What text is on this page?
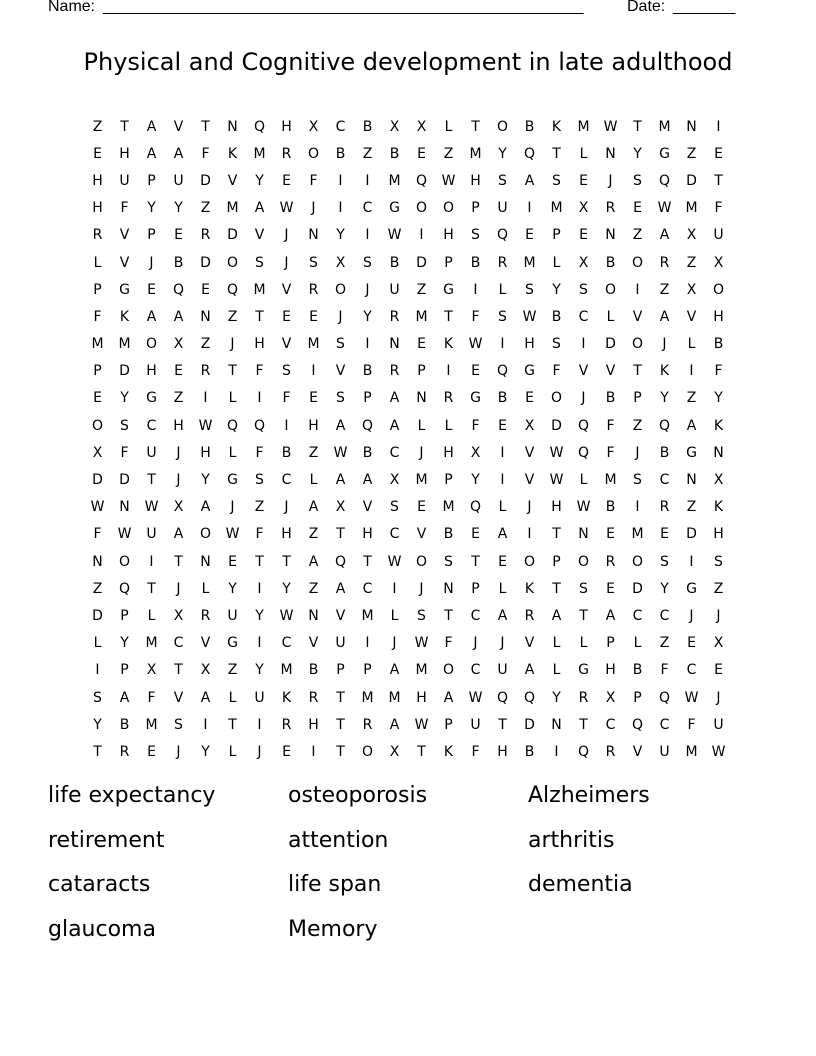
Name: ______________________________________________________	Date: _______
Physical and Cognitive development in late adulthood
Z	T	A	V	T	N	Q	H	X	C	B	X	X	L	T	O	B	K	M	W	T	M	N	I
E	H	A	A	F	K	M	R	O	B	Z	B	E	Z	M	Y	Q	T	L	N	Y	G	Z	E
H	U	P	U	D	V	Y	E	F	I	I	M	Q	W	H	S	A	S	E	J	S	Q	D	T
H	F	Y	Y	Z	M	A	W	J	I	C	G	O	O	P	U	I	M	X	R	E	W	M	F
R	V	P	E	R	D	V	J	N	Y	I	W	I	H	S	Q	E	P	E	N	Z	A	X	U
L	V	J	B	D	O	S	J	S	X	S	B	D	P	B	R	M	L	X	B	O	R	Z	X
P	G	E	Q	E	Q	M	V	R	O	J	U	Z	G	I	L	S	Y	S	O	I	Z	X	O
F	K	A	A	N	Z	T	E	E	J	Y	R	M	T	F	S	W	B	C	L	V	A	V	H
M	M	O	X	Z	J	H	V	M	S	I	N	E	K	W	I	H	S	I	D	O	J	L	B
P	D	H	E	R	T	F	S	I	V	B	R	P	I	E	Q	G	F	V	V	T	K	I	F
E	Y	G	Z	I	L	I	F	E	S	P	A	N	R	G	B	E	O	J	B	P	Y	Z	Y
O	S	C	H	W	Q	Q	I	H	A	Q	A	L	L	F	E	X	D	Q	F	Z	Q	A	K
X	F	U	J	H	L	F	B	Z	W	B	C	J	H	X	I	V	W	Q	F	J	B	G	N
D	D	T	J	Y	G	S	C	L	A	A	X	M	P	Y	I	V	W	L	M	S	C	N	X
W	N	W	X	A	J	Z	J	A	X	V	S	E	M	Q	L	J	H	W	B	I	R	Z	K
F	W	U	A	O	W	F	H	Z	T	H	C	V	B	E	A	I	T	N	E	M	E	D	H
N	O	I	T	N	E	T	T	A	Q	T	W	O	S	T	E	O	P	O	R	O	S	I	S
Z	Q	T	J	L	Y	I	Y	Z	A	C	I	J	N	P	L	K	T	S	E	D	Y	G	Z
D	P	L	X	R	U	Y	W	N	V	M	L	S	T	C	A	R	A	T	A	C	C	J	J
L	Y	M	C	V	G	I	C	V	U	I	J	W	F	J	J	V	L	L	P	L	Z	E	X
I	P	X	T	X	Z	Y	M	B	P	P	A	M	O	C	U	A	L	G	H	B	F	C	E
S	A	F	V	A	L	U	K	R	T	M	M	H	A	W	Q	Q	Y	R	X	P	Q	W	J
Y	B	M	S	I	T	I	R	H	T	R	A	W	P	U	T	D	N	T	C	Q	C	F	U
T	R	E	J	Y	L	J	E	I	T	O	X	T	K	F	H	B	I	Q	R	V	U	M	W
life expectancy	osteoporosis	Alzheimers
retirement	attention	arthritis
cataracts	life span	dementia
glaucoma	Memory
